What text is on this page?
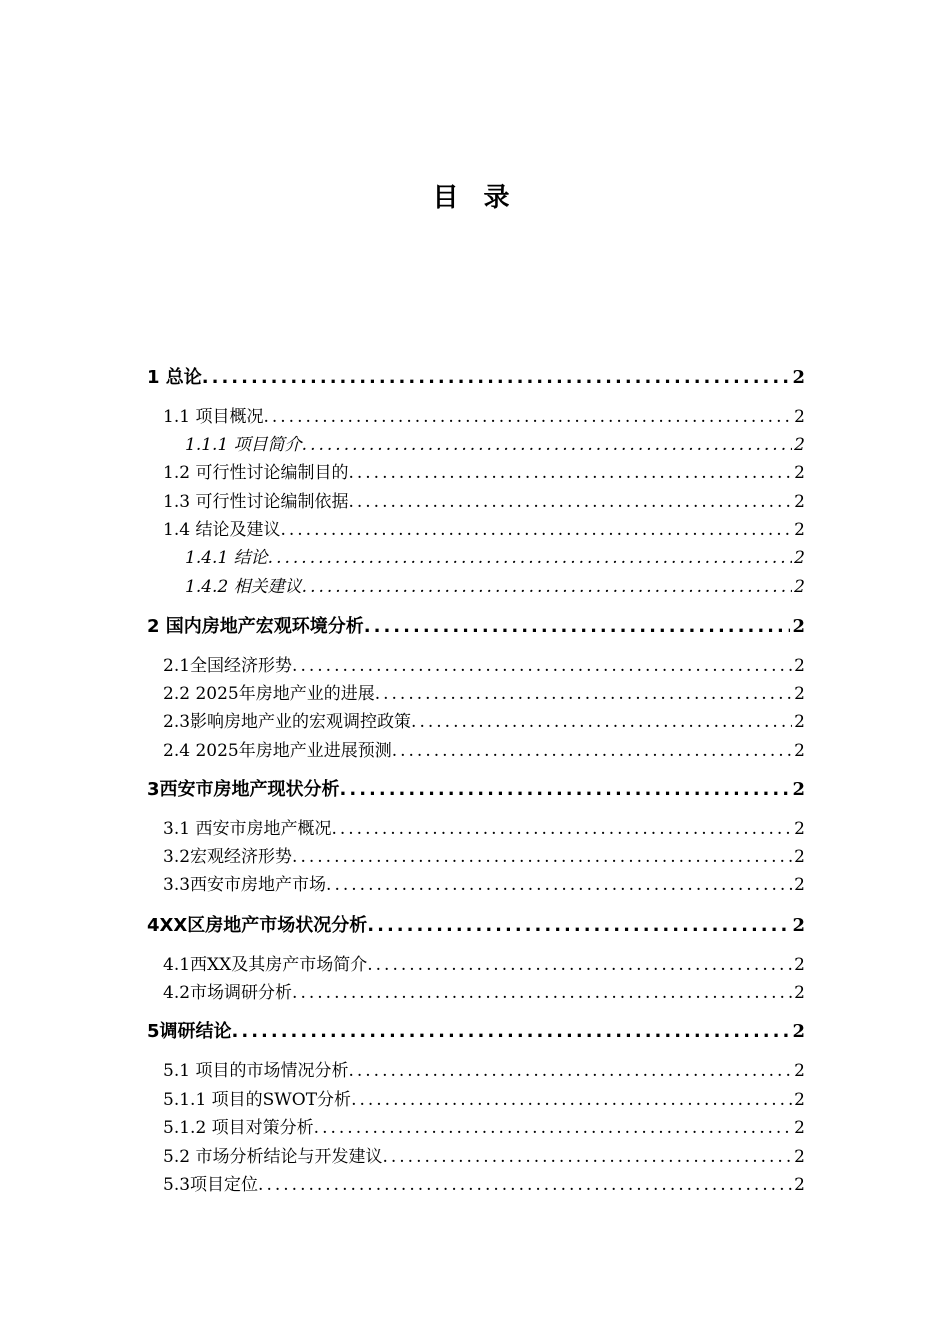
目 录
1 总论 .....	2
1.1 项目概况 .....	2
1.1.1 项目简介 .....	2
1.2 可行性讨论编制目的 .....	2
1.3 可行性讨论编制依据 .....	2
1.4 结论及建议 .....	2
1.4.1 结论 .....	2
1.4.2 相关建议 .....	2
2 国内房地产宏观环境分析 .....	2
2.1全国经济形势 .....	2
2.2 2025年房地产业的进展 .....	2
2.3影响房地产业的宏观调控政策 .....	2
2.4 2025年房地产业进展预测 .....	2
3西安市房地产现状分析 .....	2
3.1 西安市房地产概况 .....	2
3.2宏观经济形势 .....	2
3.3西安市房地产市场 .....	2
4XX区房地产市场状况分析 .....	2
4.1西XX及其房产市场简介 .....	2
4.2市场调研分析 .....	2
5调研结论 .....	2
5.1 项目的市场情况分析 .....	2
5.1.1 项目的SWOT分析 .....	2
5.1.2 项目对策分析 .....	2
5.2 市场分析结论与开发建议 .....	2
5.3项目定位 .....	2
